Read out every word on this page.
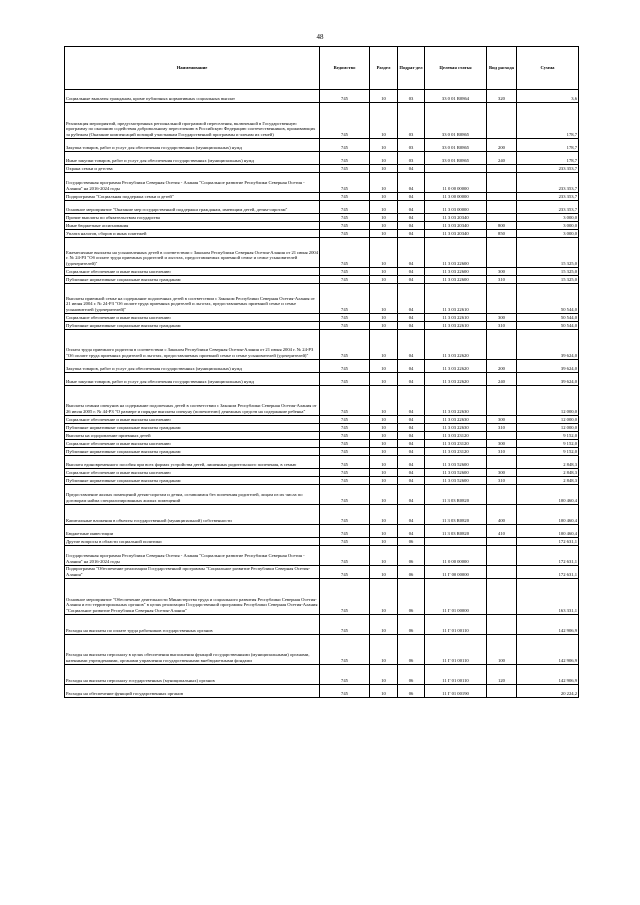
48
Наименование	Ведомство	Раздел	Подраз-дел	Целевая статья	Вид расхода	Сумма
Социальные выплаты гражданам, кроме публичных нормативных социальных выплат	745	10	03	33 0 01 R0864	320	3,6
Реализация мероприятий, предусмотренных региональной программой переселения, включенной в Государственную программу по оказанию содействия добровольному переселению в Российскую Федерацию соотечественников, проживающих за рубежом (Оказание компенсаций позиций участникам Государственной программы и членам их семей)	745	10	03	33 0 01 R0865		178,7
Закупка товаров, работ и услуг для обеспечения государственных (муниципальных) нужд	745	10	03	33 0 01 R0865	200	178,7
Иные закупки товаров, работ и услуг для обеспечения государственных (муниципальных) нужд	745	10	03	33 0 01 R0865	240	178,7
Охрана семьи и детства	745	10	04			233 353,7
Государственная программа Республики Северная Осетия - Алания "Социальное развитие Республики Северная Осетия - Алания" на 2016-2024 годы	745	10	04	11 0 00 00000		233 353,7
Подпрограмма "Социальная поддержка семьи и детей"	745	10	04	11 3 00 00000		233 353,7
Основное мероприятие "Оказание мер государственной поддержки гражданам, имеющим детей, детям-сиротам"	745	10	04	11 3 03 00000		233 353,7
Прочие выплаты по обязательствам государства	745	10	04	11 3 03 20340		3 000,0
Иные бюджетные ассигнования	745	10	04	11 3 03 20340	800	3 000,0
Уплата налогов, сборов и иных платежей	745	10	04	11 3 03 20340	850	3 000,0
Ежемесячные выплаты на усыновленных детей в соответствии с Законом Республики Северная Осетия-Алания от 21 июня 2004 г. № 24-РЗ "Об оплате труда приемных родителей и льготах, предоставляемых приемной семье и семье усыновителей (удочерителей)"	745	10	04	11 3 03 22600		15 325,0
Социальное обеспечение и иные выплаты населению	745	10	04	11 3 03 22600	300	15 325,0
Публичные нормативные социальные выплаты гражданам	745	10	04	11 3 03 22600	310	15 325,0
Выплаты приемной семье на содержание подопечных детей в соответствии с Законом Республики Северная Осетия-Алания от 21 июня 2004 г. № 24-РЗ "Об оплате труда приемных родителей и льготах, предоставляемых приемной семье и семье усыновителей (удочерителей)"	745	10	04	11 3 03 22610		50 544,0
Социальное обеспечение и иные выплаты населению	745	10	04	11 3 03 22610	300	50 544,0
Публичные нормативные социальные выплаты гражданам	745	10	04	11 3 03 22610	310	50 544,0
Оплата труда приемного родителя в соответствии с Законом Республики Северная Осетия-Алания от 21 июня 2004 г. № 24-РЗ "Об оплате труда приемных родителей и льготах, предоставляемых приемной семье и семье усыновителей (удочерителей)"	745	10	04	11 3 03 22620		39 624,0
Закупка товаров, работ и услуг для обеспечения государственных (муниципальных) нужд	745	10	04	11 3 03 22620	200	39 624,0
Иные закупки товаров, работ и услуг для обеспечения государственных (муниципальных) нужд	745	10	04	11 3 03 22620	240	39 624,0
Выплаты семьям опекунов на содержание подопечных детей в соответствии с Законом Республики Северная Осетия-Алания от 26 июля 2005 г. № 44-РЗ "О размере и порядке выплаты опекуну (попечителю) денежных средств на содержание ребенка"	745	10	04	11 3 03 22630		12 000,0
Социальное обеспечение и иные выплаты населению	745	10	04	11 3 03 22630	300	12 000,0
Публичные нормативные социальные выплаты гражданам	745	10	04	11 3 03 22630	310	12 000,0
Выплаты на оздоровление приемных детей	745	10	04	11 3 03 23120		9 152,0
Социальное обеспечение и иные выплаты населению	745	10	04	11 3 03 23120	300	9 152,0
Публичные нормативные социальные выплаты гражданам	745	10	04	11 3 03 23120	310	9 152,0
Выплата единовременного пособия при всех формах устройства детей, лишенных родительского попечения, в семью	745	10	04	11 3 03 52600		2 848,3
Социальное обеспечение и иные выплаты населению	745	10	04	11 3 03 52600	300	2 848,3
Публичные нормативные социальные выплаты гражданам	745	10	04	11 3 03 52600	310	2 848,3
Предоставление жилых помещений детям-сиротам и детям, оставшимся без попечения родителей, лицам из их числа по договорам найма специализированных жилых помещений	745	10	04	11 3 03 R0820		100 460,4
Капитальные вложения в объекты государственной (муниципальной) собственности	745	10	04	11 3 03 R0820	400	100 460,4
Бюджетные инвестиции	745	10	04	11 3 03 R0820	410	100 460,4
Другие вопросы в области социальной политики	745	10	06			172 631,1
Государственная программа Республики Северная Осетия - Алания "Социальное развитие Республики Северная Осетия - Алания" на 2016-2024 годы	745	10	06	11 0 00 00000		172 631,1
Подпрограмма "Обеспечение реализации Государственной программы "Социальное развитие Республики Северная Осетия-Алания"	745	10	06	11 Г 00 00000		172 631,1
Основное мероприятие "Обеспечение деятельности Министерства труда и социального развития Республики Северная Осетия-Алания и его территориальных органов" в целях реализации Государственной программы Республики Северная Осетия-Алания "Социальное развитие Республики Северная Осетия-Алания"	745	10	06	11 Г 01 00000		163 331,1
Расходы на выплаты по оплате труда работников государственных органов	745	10	06	11 Г 01 00110		142 906,9
Расходы на выплаты персоналу в целях обеспечения выполнения функций государственными (муниципальными) органами, казенными учреждениями, органами управления государственными внебюджетными фондами	745	10	06	11 Г 01 00110	100	142 906,9
Расходы на выплаты персоналу государственных (муниципальных) органов	745	10	06	11 Г 01 00110	120	142 906,9
Расходы на обеспечение функций государственных органов	745	10	06	11 Г 01 00190		20 224,2
